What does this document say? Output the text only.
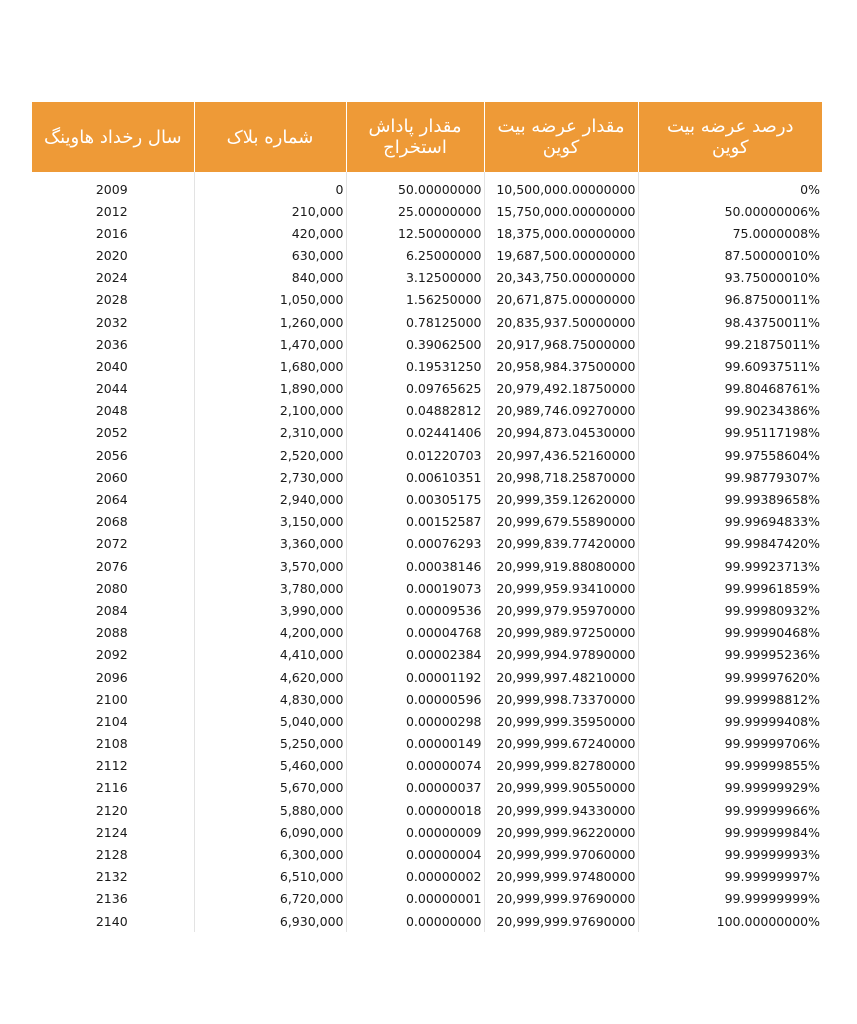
سال رخداد هاوینگ	شماره بلاک	مقدار پاداش استخراج	مقدار عرضه بیت کوین	درصد عرضه بیت کوین
2009	0	50.00000000	10,500,000.00000000	0%
2012	210,000	25.00000000	15,750,000.00000000	50.00000006%
2016	420,000	12.50000000	18,375,000.00000000	75.0000008%
2020	630,000	6.25000000	19,687,500.00000000	87.50000010%
2024	840,000	3.12500000	20,343,750.00000000	93.75000010%
2028	1,050,000	1.56250000	20,671,875.00000000	96.87500011%
2032	1,260,000	0.78125000	20,835,937.50000000	98.43750011%
2036	1,470,000	0.39062500	20,917,968.75000000	99.21875011%
2040	1,680,000	0.19531250	20,958,984.37500000	99.60937511%
2044	1,890,000	0.09765625	20,979,492.18750000	99.80468761%
2048	2,100,000	0.04882812	20,989,746.09270000	99.90234386%
2052	2,310,000	0.02441406	20,994,873.04530000	99.95117198%
2056	2,520,000	0.01220703	20,997,436.52160000	99.97558604%
2060	2,730,000	0.00610351	20,998,718.25870000	99.98779307%
2064	2,940,000	0.00305175	20,999,359.12620000	99.99389658%
2068	3,150,000	0.00152587	20,999,679.55890000	99.99694833%
2072	3,360,000	0.00076293	20,999,839.77420000	99.99847420%
2076	3,570,000	0.00038146	20,999,919.88080000	99.99923713%
2080	3,780,000	0.00019073	20,999,959.93410000	99.99961859%
2084	3,990,000	0.00009536	20,999,979.95970000	99.99980932%
2088	4,200,000	0.00004768	20,999,989.97250000	99.99990468%
2092	4,410,000	0.00002384	20,999,994.97890000	99.99995236%
2096	4,620,000	0.00001192	20,999,997.48210000	99.99997620%
2100	4,830,000	0.00000596	20,999,998.73370000	99.99998812%
2104	5,040,000	0.00000298	20,999,999.35950000	99.99999408%
2108	5,250,000	0.00000149	20,999,999.67240000	99.99999706%
2112	5,460,000	0.00000074	20,999,999.82780000	99.99999855%
2116	5,670,000	0.00000037	20,999,999.90550000	99.99999929%
2120	5,880,000	0.00000018	20,999,999.94330000	99.99999966%
2124	6,090,000	0.00000009	20,999,999.96220000	99.99999984%
2128	6,300,000	0.00000004	20,999,999.97060000	99.99999993%
2132	6,510,000	0.00000002	20,999,999.97480000	99.99999997%
2136	6,720,000	0.00000001	20,999,999.97690000	99.99999999%
2140	6,930,000	0.00000000	20,999,999.97690000	100.00000000%
